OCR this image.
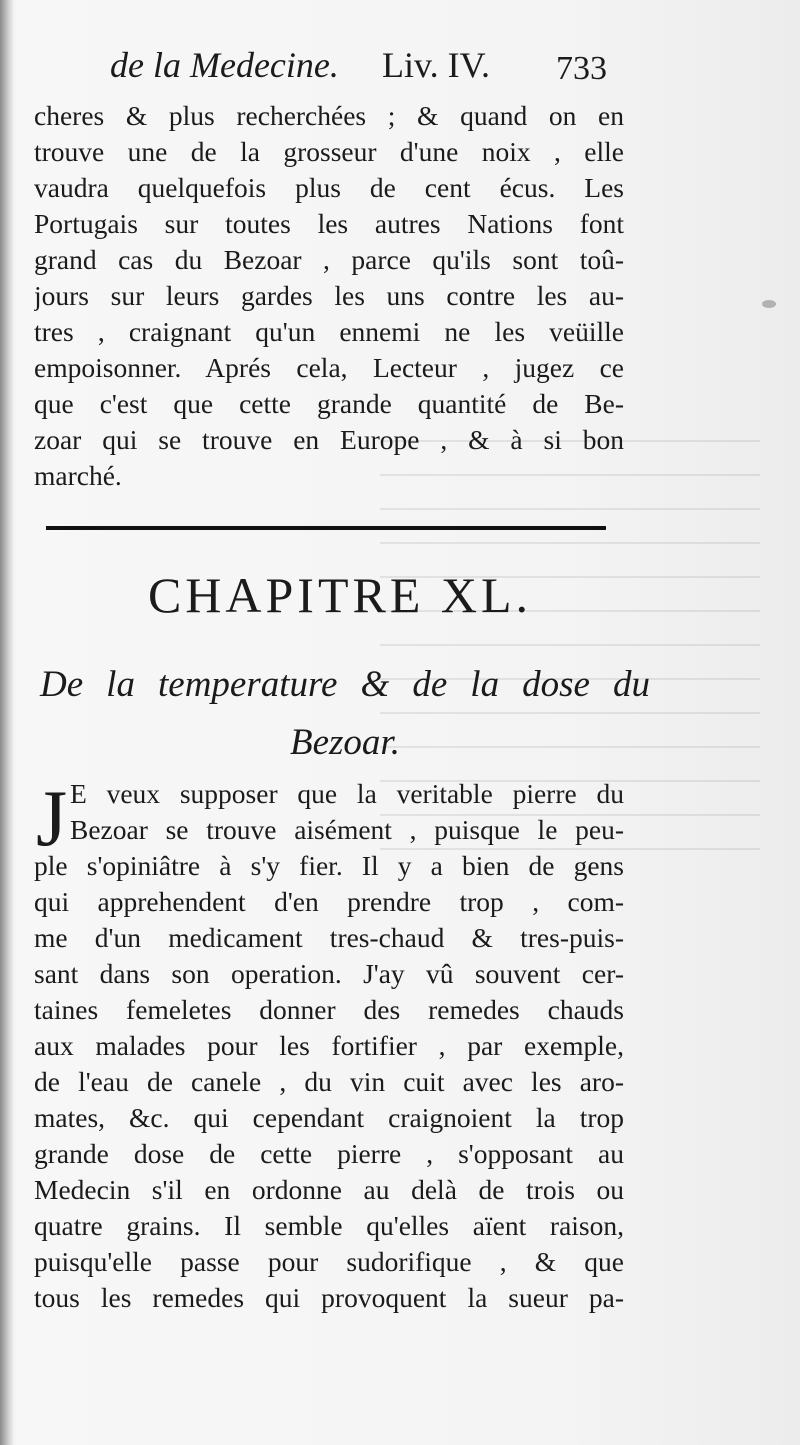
de la Medecine. Liv. IV. 733
cheres & plus recherchées ; & quand on en
trouve une de la grosseur d'une noix , elle
vaudra quelquefois plus de cent écus. Les
Portugais sur toutes les autres Nations font
grand cas du Bezoar , parce qu'ils sont toû-
jours sur leurs gardes les uns contre les au-
tres , craignant qu'un ennemi ne les veüille
empoisonner. Aprés cela, Lecteur , jugez ce
que c'est que cette grande quantité de Be-
zoar qui se trouve en Europe , & à si bon
marché.
CHAPITRE XL.
De la temperature & de la dose du
Bezoar.
J E veux supposer que la veritable pierre du
Bezoar se trouve aisément , puisque le peu-
ple s'opiniâtre à s'y fier. Il y a bien de gens
qui apprehendent d'en prendre trop , com-
me d'un medicament tres-chaud & tres-puis-
sant dans son operation. J'ay vû souvent cer-
taines femeletes donner des remedes chauds
aux malades pour les fortifier , par exemple,
de l'eau de canele , du vin cuit avec les aro-
mates, &c. qui cependant craignoient la trop
grande dose de cette pierre , s'opposant au
Medecin s'il en ordonne au delà de trois ou
quatre grains. Il semble qu'elles aïent raison,
puisqu'elle passe pour sudorifique , & que
tous les remedes qui provoquent la sueur pa-
